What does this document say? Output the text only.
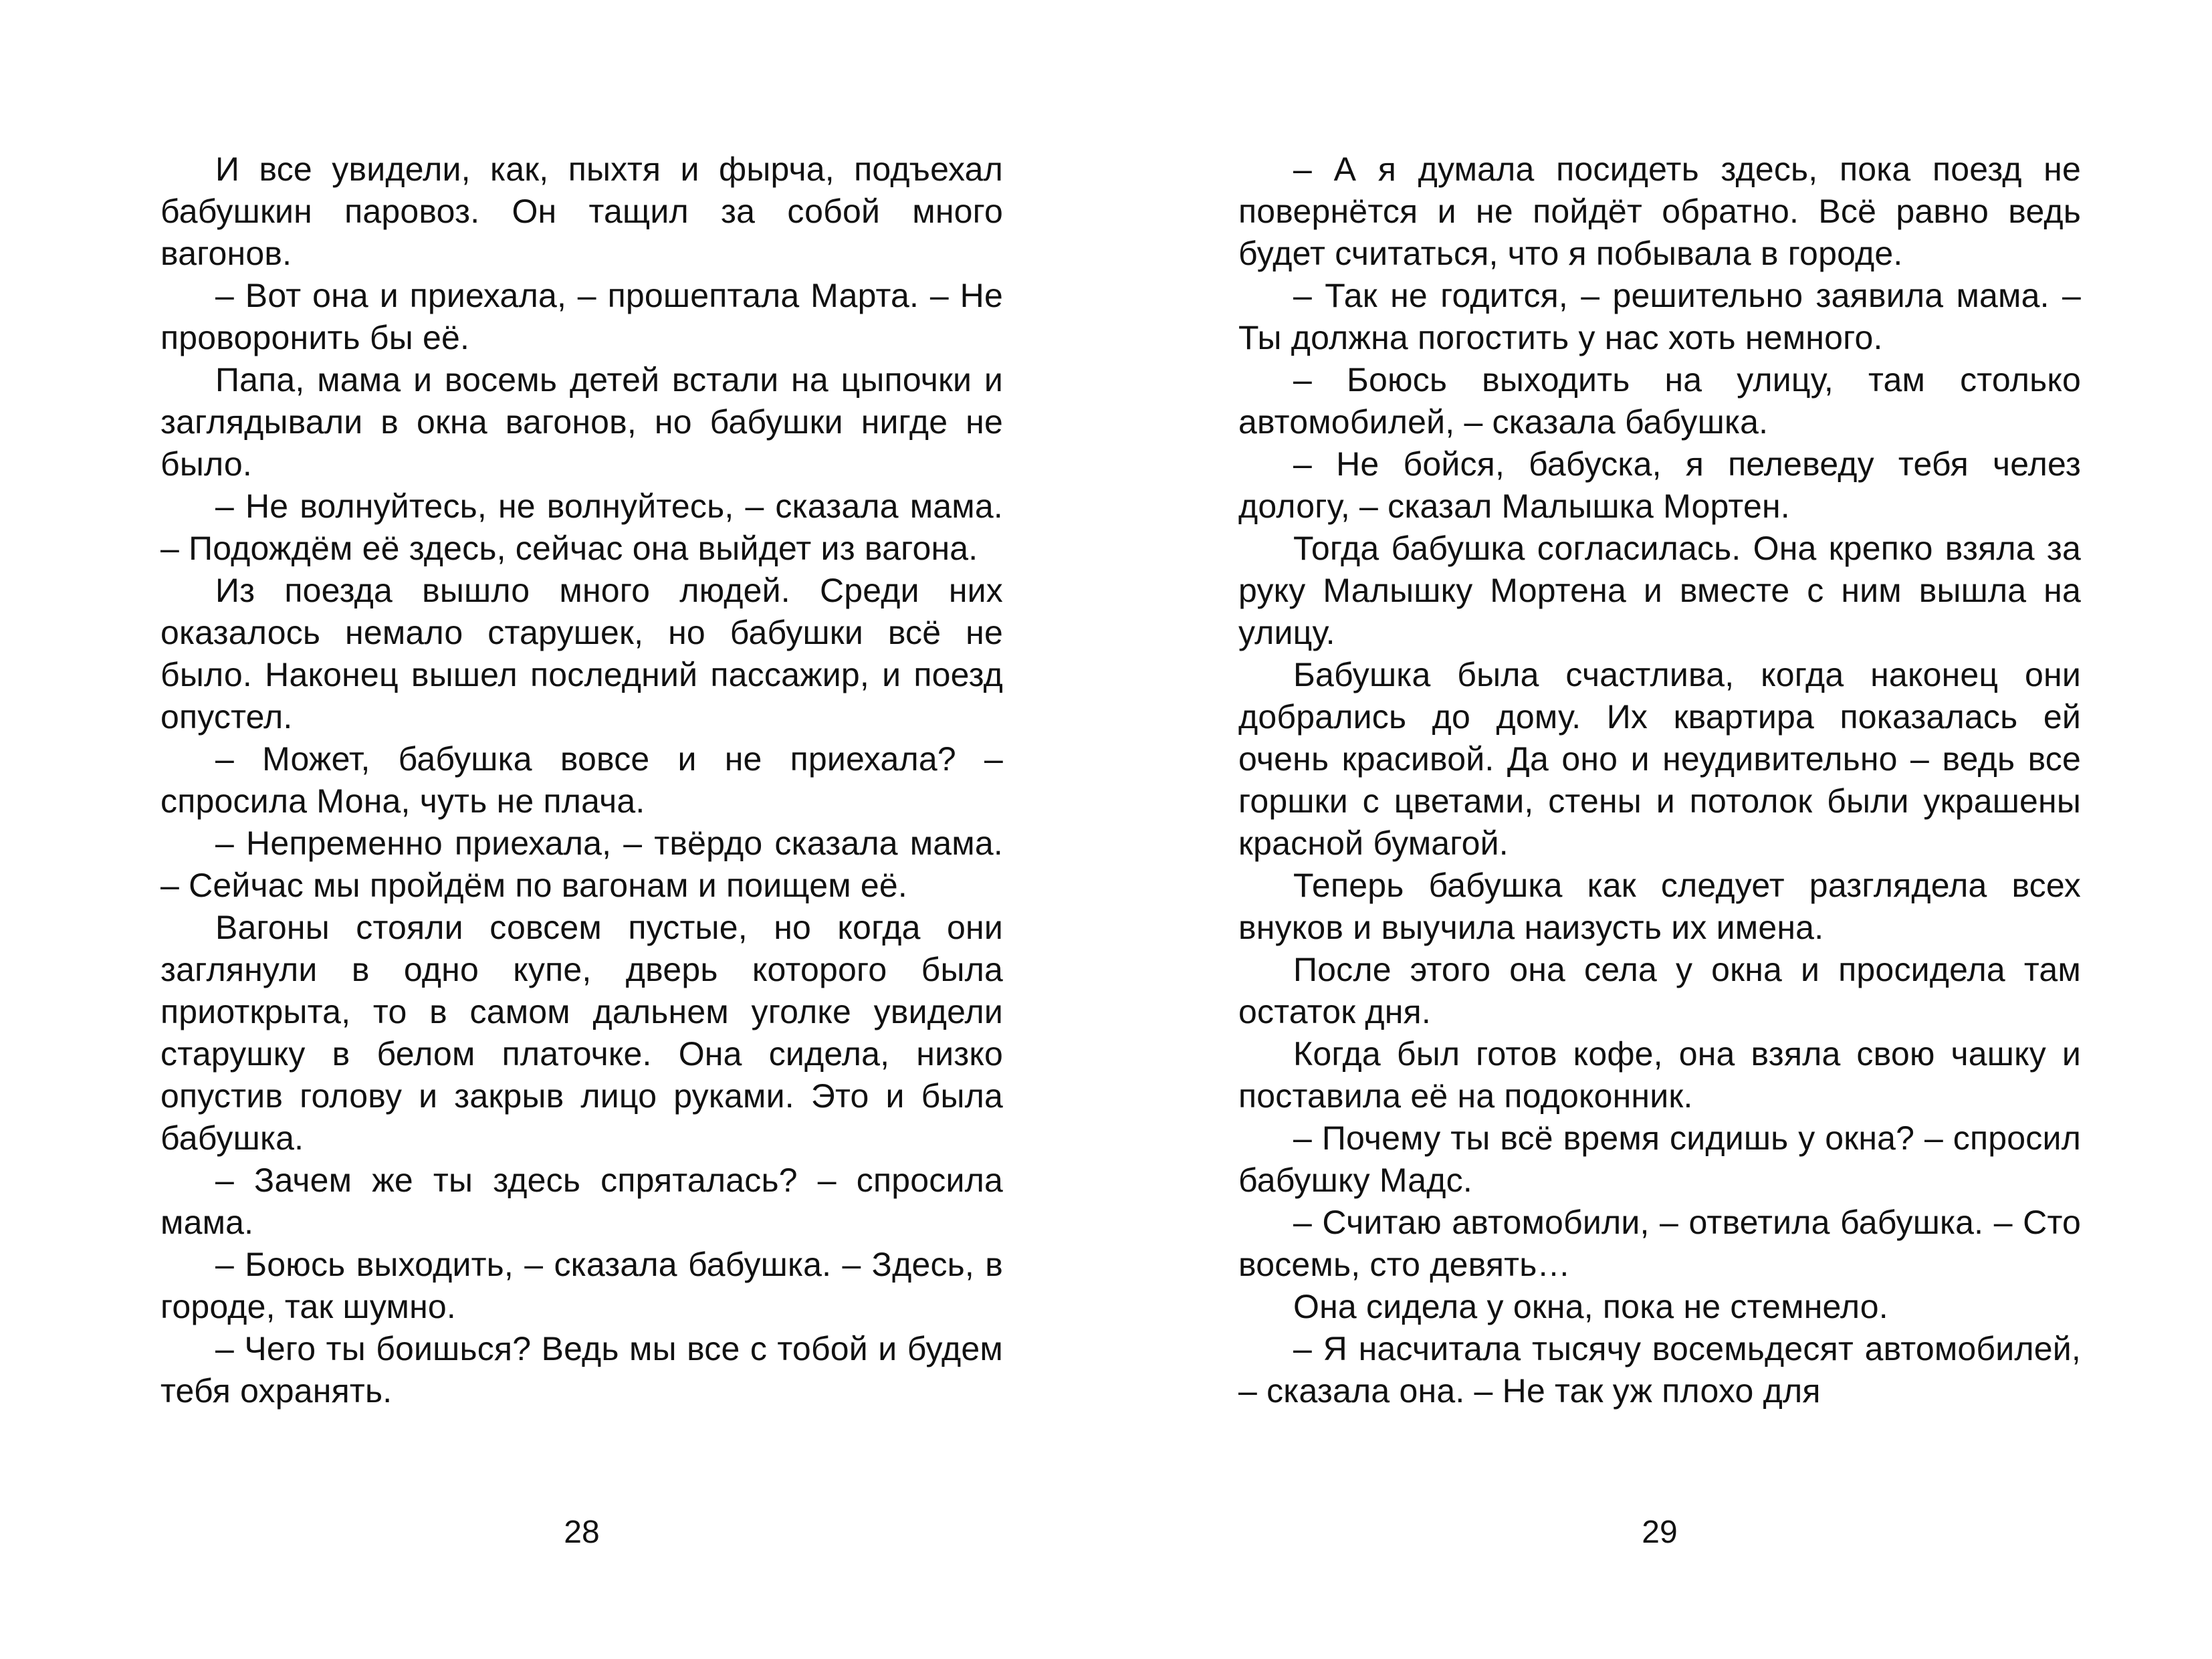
И все увидели, как, пыхтя и фырча, подъехал бабушкин паровоз. Он тащил за собой много вагонов.

– Вот она и приехала, – прошептала Марта. – Не проворонить бы её.

Папа, мама и восемь детей встали на цыпочки и заглядывали в окна вагонов, но бабушки нигде не было.

– Не волнуйтесь, не волнуйтесь, – сказала мама. – Подождём её здесь, сейчас она выйдет из вагона.

Из поезда вышло много людей. Среди них оказалось немало старушек, но бабушки всё не было. Наконец вышел последний пассажир, и поезд опустел.

– Может, бабушка вовсе и не приехала? – спросила Мона, чуть не плача.

– Непременно приехала, – твёрдо сказала мама. – Сейчас мы пройдём по вагонам и поищем её.

Вагоны стояли совсем пустые, но когда они заглянули в одно купе, дверь которого была приоткрыта, то в самом дальнем уголке увидели старушку в белом платочке. Она сидела, низко опустив голову и закрыв лицо руками. Это и была бабушка.

– Зачем же ты здесь спряталась? – спросила мама.

– Боюсь выходить, – сказала бабушка. – Здесь, в городе, так шумно.

– Чего ты боишься? Ведь мы все с тобой и будем тебя охранять.

28

– А я думала посидеть здесь, пока поезд не повернётся и не пойдёт обратно. Всё равно ведь будет считаться, что я побывала в городе.

– Так не годится, – решительно заявила мама. – Ты должна погостить у нас хоть немного.

– Боюсь выходить на улицу, там столько автомобилей, – сказала бабушка.

– Не бойся, бабуска, я пелеведу тебя челез дологу, – сказал Малышка Мортен.

Тогда бабушка согласилась. Она крепко взяла за руку Малышку Мортена и вместе с ним вышла на улицу.

Бабушка была счастлива, когда наконец они добрались до дому. Их квартира показалась ей очень красивой. Да оно и неудивительно – ведь все горшки с цветами, стены и потолок были украшены красной бумагой.

Теперь бабушка как следует разглядела всех внуков и выучила наизусть их имена.

После этого она села у окна и просидела там остаток дня.

Когда был готов кофе, она взяла свою чашку и поставила её на подоконник.

– Почему ты всё время сидишь у окна? – спросил бабушку Мадс.

– Считаю автомобили, – ответила бабушка. – Сто восемь, сто девять…

Она сидела у окна, пока не стемнело.

– Я насчитала тысячу восемьдесят автомобилей, – сказала она. – Не так уж плохо для

29
